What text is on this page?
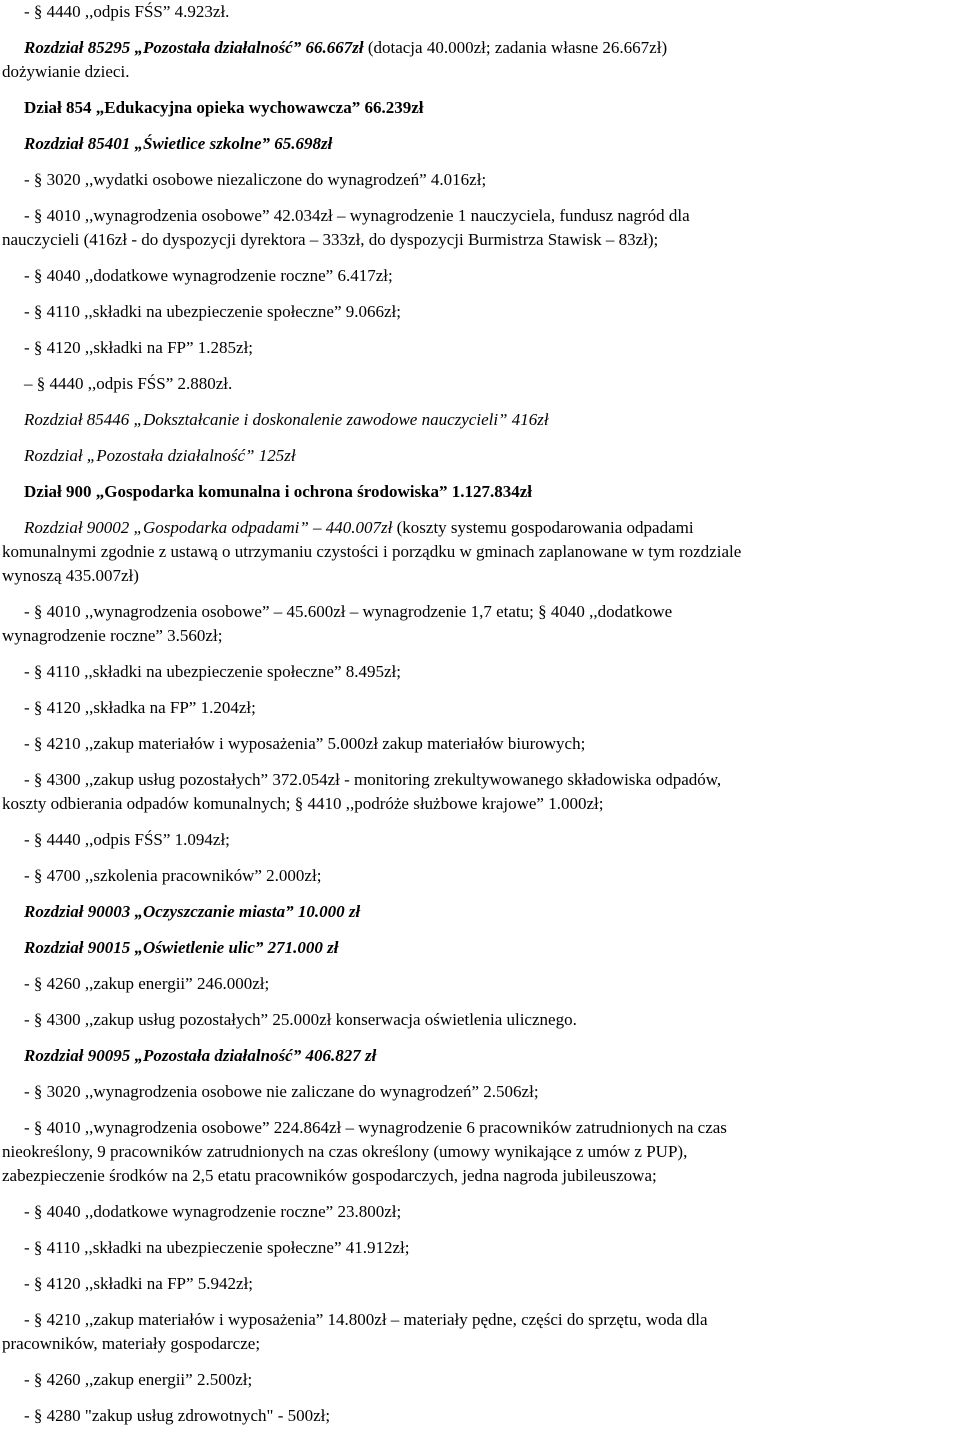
- § 4440 ,,odpis FŚS” 4.923zł.

Rozdział 85295 „Pozostała działalność” 66.667zł (dotacja 40.000zł; zadania własne 26.667zł)

dożywianie dzieci.

Dział 854 „Edukacyjna opieka wychowawcza” 66.239zł

Rozdział 85401 „Świetlice szkolne” 65.698zł

- § 3020 ,,wydatki osobowe niezaliczone do wynagrodzeń” 4.016zł;

- § 4010 ,,wynagrodzenia osobowe” 42.034zł – wynagrodzenie 1 nauczyciela, fundusz nagród dla

nauczycieli (416zł - do dyspozycji dyrektora – 333zł, do dyspozycji Burmistrza Stawisk – 83zł);

- § 4040 ,,dodatkowe wynagrodzenie roczne” 6.417zł;

- § 4110 ,,składki na ubezpieczenie społeczne” 9.066zł;

- § 4120 ,,składki na FP” 1.285zł;

– § 4440 ,,odpis FŚS” 2.880zł.

Rozdział 85446 „Dokształcanie i doskonalenie zawodowe nauczycieli” 416zł

Rozdział „Pozostała działalność” 125zł

Dział 900 „Gospodarka komunalna i ochrona środowiska” 1.127.834zł

Rozdział 90002 „Gospodarka odpadami” – 440.007zł (koszty systemu gospodarowania odpadami

komunalnymi zgodnie z ustawą o utrzymaniu czystości i porządku w gminach zaplanowane w tym rozdziale

wynoszą 435.007zł)

- § 4010 ,,wynagrodzenia osobowe” – 45.600zł – wynagrodzenie 1,7 etatu; § 4040 ,,dodatkowe

wynagrodzenie roczne” 3.560zł;

- § 4110 ,,składki na ubezpieczenie społeczne” 8.495zł;

- § 4120 ,,składka na FP” 1.204zł;

- § 4210 ,,zakup materiałów i wyposażenia” 5.000zł zakup materiałów biurowych;

- § 4300 ,,zakup usług pozostałych” 372.054zł - monitoring zrekultywowanego składowiska odpadów,

koszty odbierania odpadów komunalnych; § 4410 ,,podróże służbowe krajowe” 1.000zł;

- § 4440 ,,odpis FŚS” 1.094zł;

- § 4700 ,,szkolenia pracowników” 2.000zł;

Rozdział 90003 „Oczyszczanie miasta” 10.000 zł

Rozdział 90015 „Oświetlenie ulic” 271.000 zł

- § 4260 ,,zakup energii” 246.000zł;

- § 4300 ,,zakup usług pozostałych” 25.000zł konserwacja oświetlenia ulicznego.

Rozdział 90095 „Pozostała działalność” 406.827 zł

- § 3020 ,,wynagrodzenia osobowe nie zaliczane do wynagrodzeń” 2.506zł;

- § 4010 ,,wynagrodzenia osobowe” 224.864zł – wynagrodzenie 6 pracowników zatrudnionych na czas

nieokreślony, 9 pracowników zatrudnionych na czas określony (umowy wynikające z umów z PUP),

zabezpieczenie środków na 2,5 etatu pracowników gospodarczych, jedna nagroda jubileuszowa;

- § 4040 ,,dodatkowe wynagrodzenie roczne” 23.800zł;

- § 4110 ,,składki na ubezpieczenie społeczne” 41.912zł;

- § 4120 ,,składki na FP” 5.942zł;

- § 4210 ,,zakup materiałów i wyposażenia” 14.800zł – materiały pędne, części do sprzętu, woda dla

pracowników, materiały gospodarcze;

- § 4260 ,,zakup energii” 2.500zł;

- § 4280 "zakup usług zdrowotnych" - 500zł;
